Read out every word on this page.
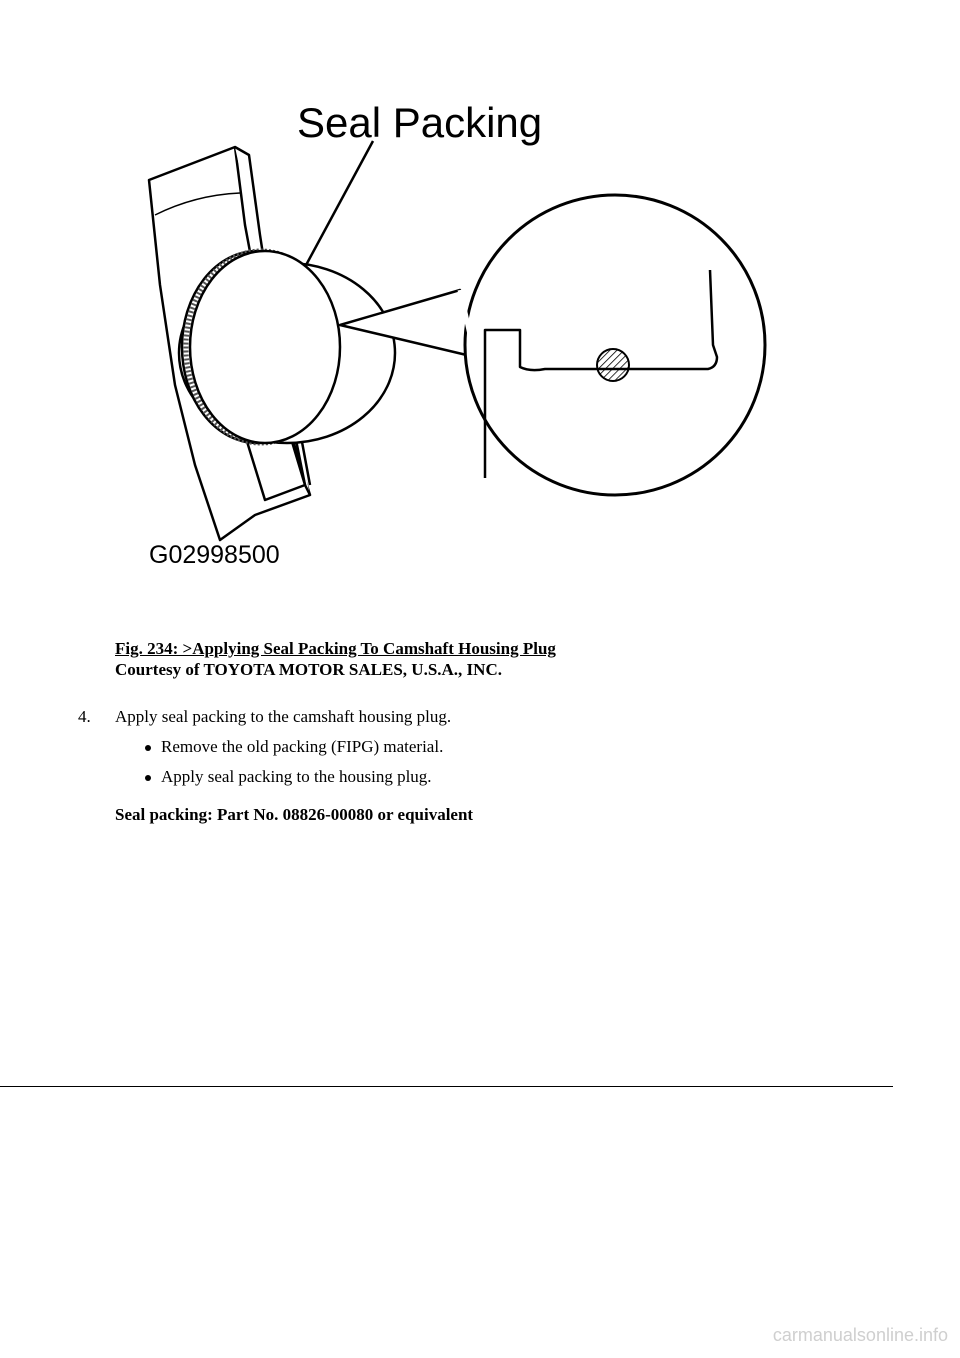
Seal Packing
G02998500
Fig. 234: >Applying Seal Packing To Camshaft Housing Plug
Courtesy of TOYOTA MOTOR SALES, U.S.A., INC.
4. Apply seal packing to the camshaft housing plug.
Remove the old packing (FIPG) material.
Apply seal packing to the housing plug.
Seal packing: Part No. 08826-00080 or equivalent
carmanualsonline.info
